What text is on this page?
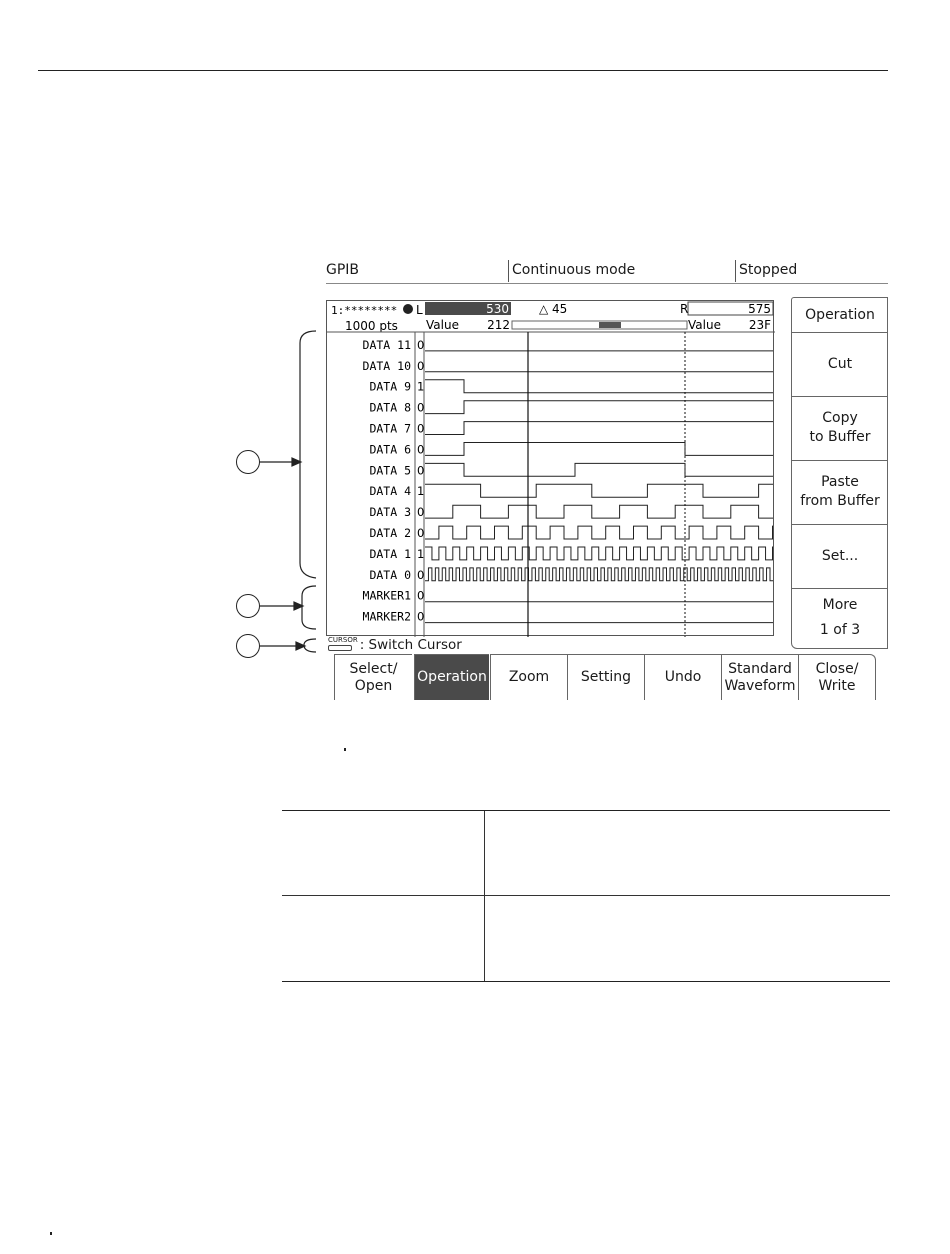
GPIB	Continuous mode	Stopped
1:******** L	530	△ 45	R	575
1000 pts Value 212	Value 23F
DATA 11 0
DATA 10 0
DATA 9 1
DATA 8 0
DATA 7 0
DATA 6 0
DATA 5 0
DATA 4 1
DATA 3 0
DATA 2 0
DATA 1 1
DATA 0 0
MARKER1 0
MARKER2 0
CURSOR : Switch Cursor
Operation
Cut
Copy
to Buffer
Paste
from Buffer
Set...
More
1 of 3
Select/
Open
Operation	Zoom	Setting	Undo
Standard
Waveform
Close/
Write
